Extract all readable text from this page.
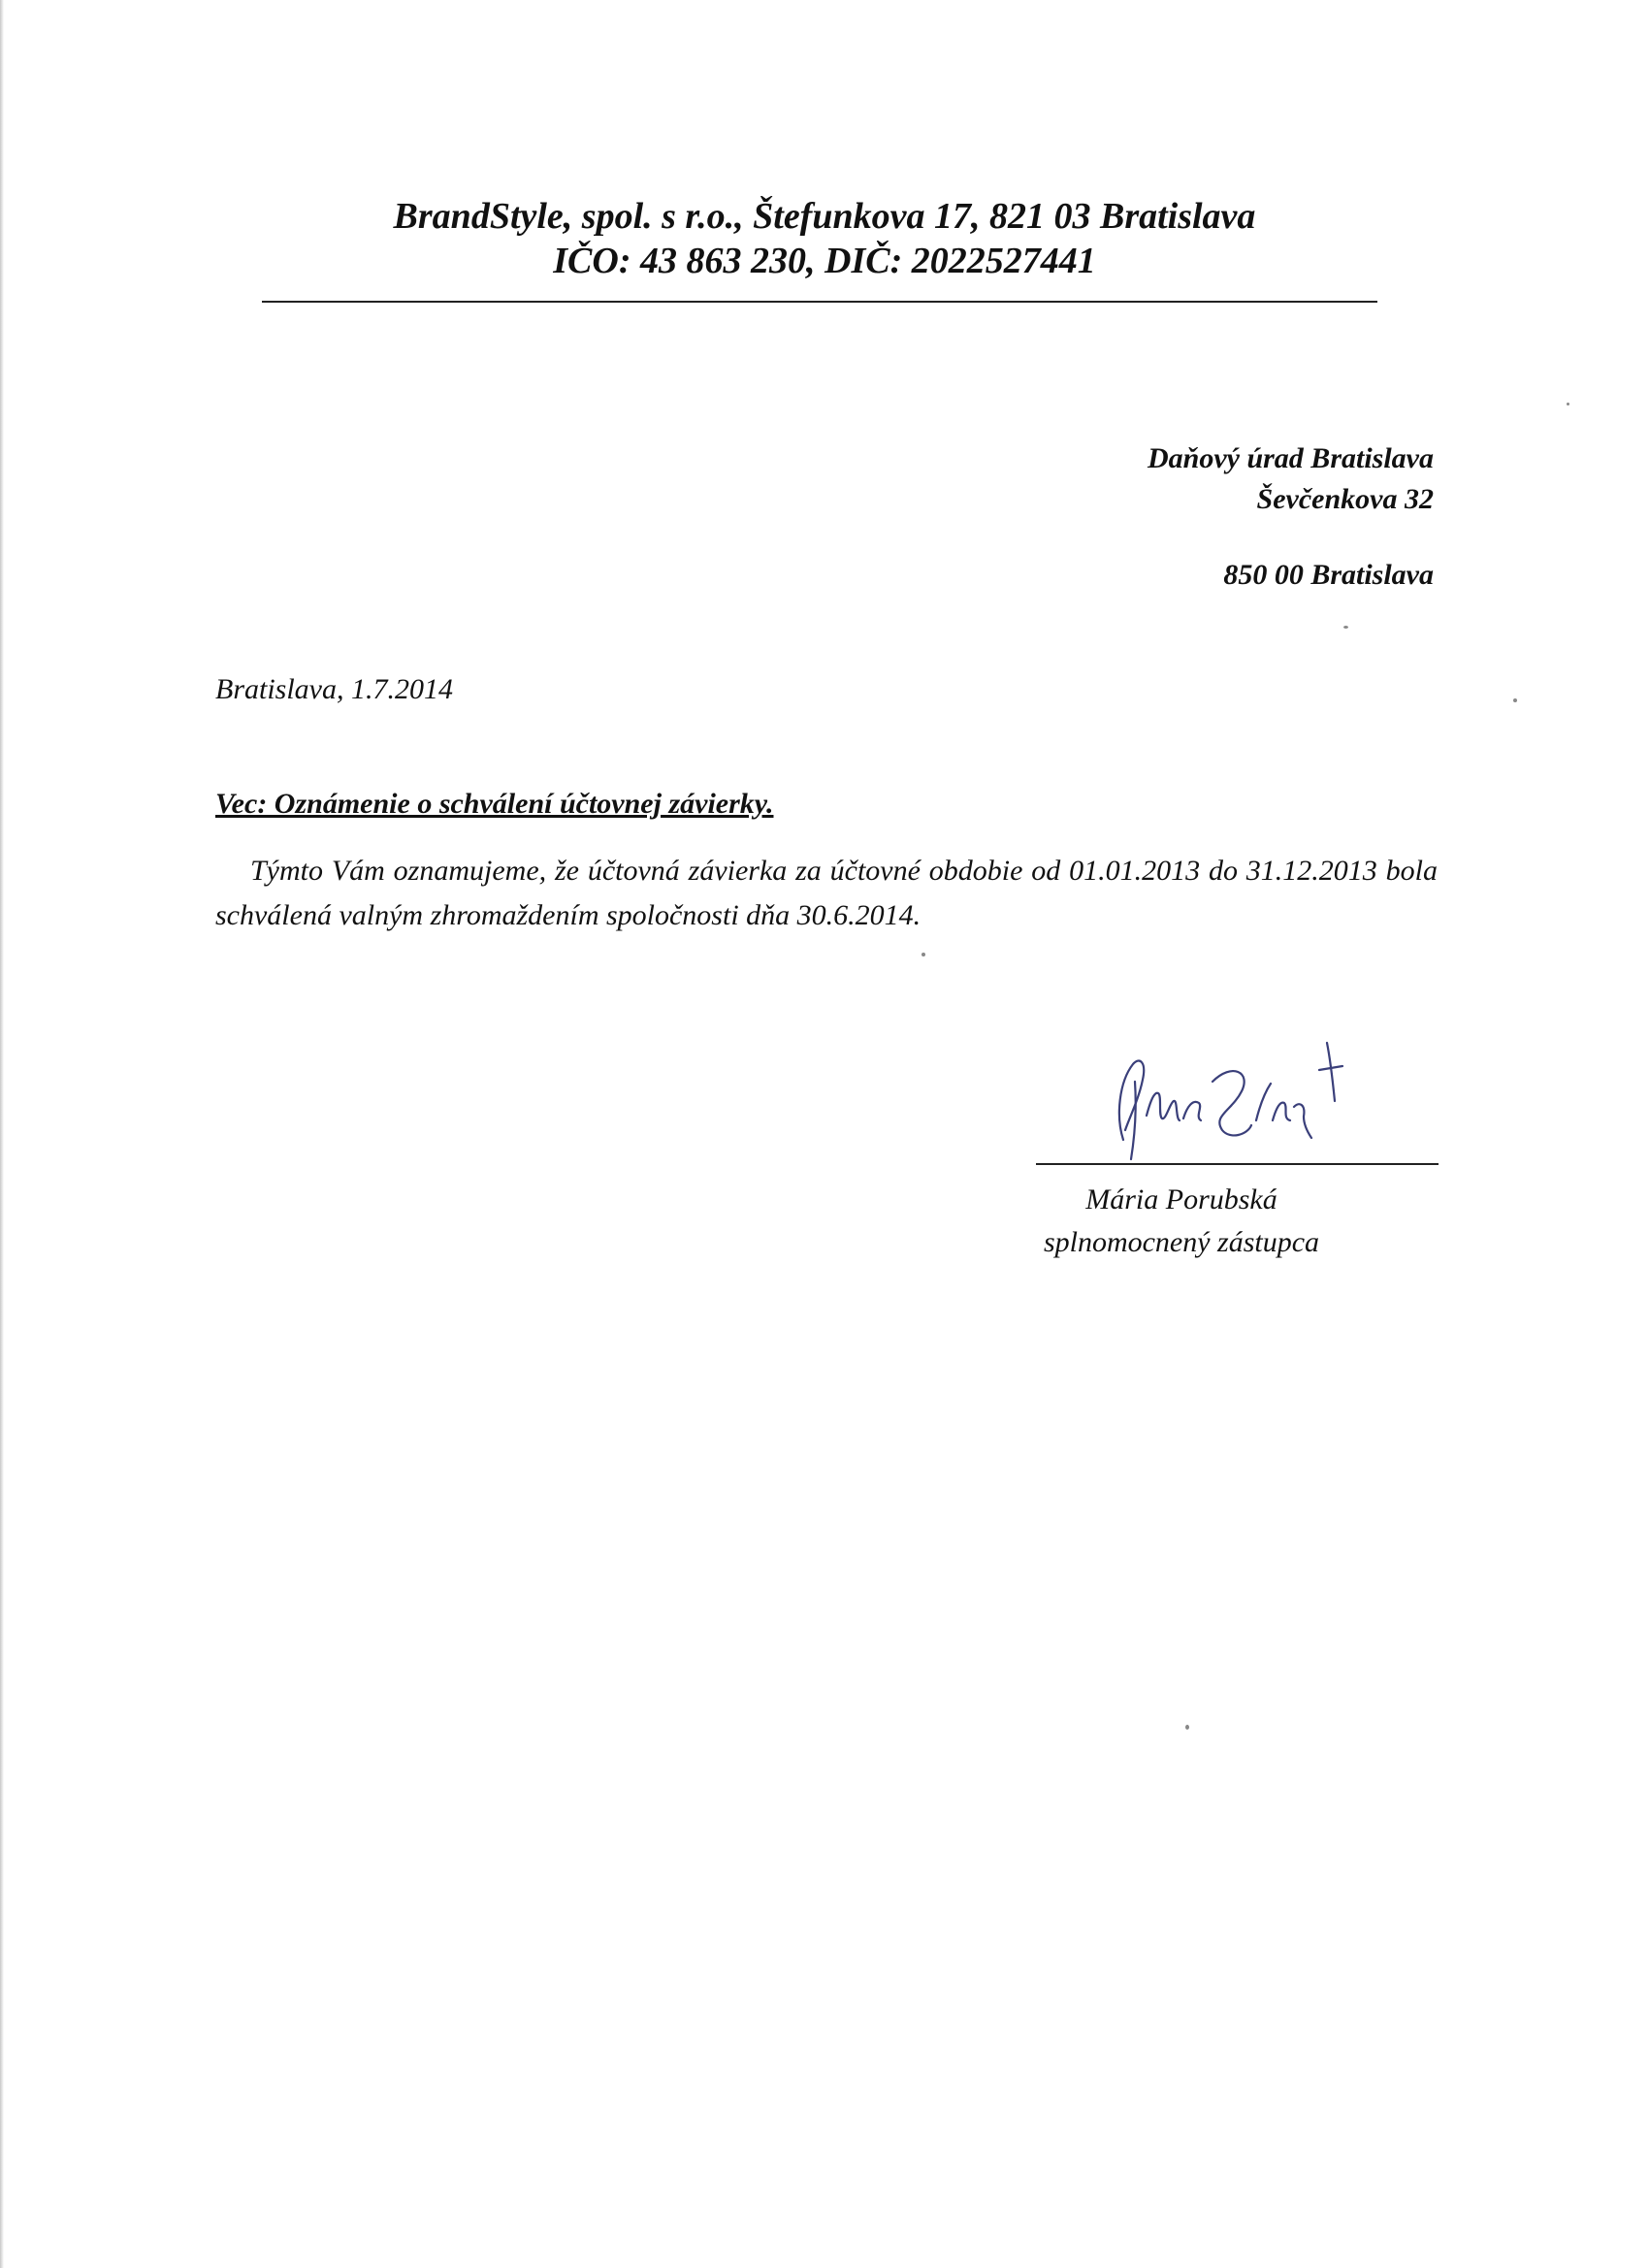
BrandStyle, spol. s r.o., Štefunkova 17, 821 03 Bratislava
IČO: 43 863 230, DIČ: 2022527441
Daňový úrad Bratislava
Ševčenkova 32
850 00 Bratislava
Bratislava, 1.7.2014
Vec: Oznámenie o schválení účtovnej závierky.
Týmto Vám oznamujeme, že účtovná závierka za účtovné obdobie od 01.01.2013 do 31.12.2013 bola schválená valným zhromaždením spoločnosti dňa 30.6.2014.
Mária Porubská
splnomocnený zástupca
